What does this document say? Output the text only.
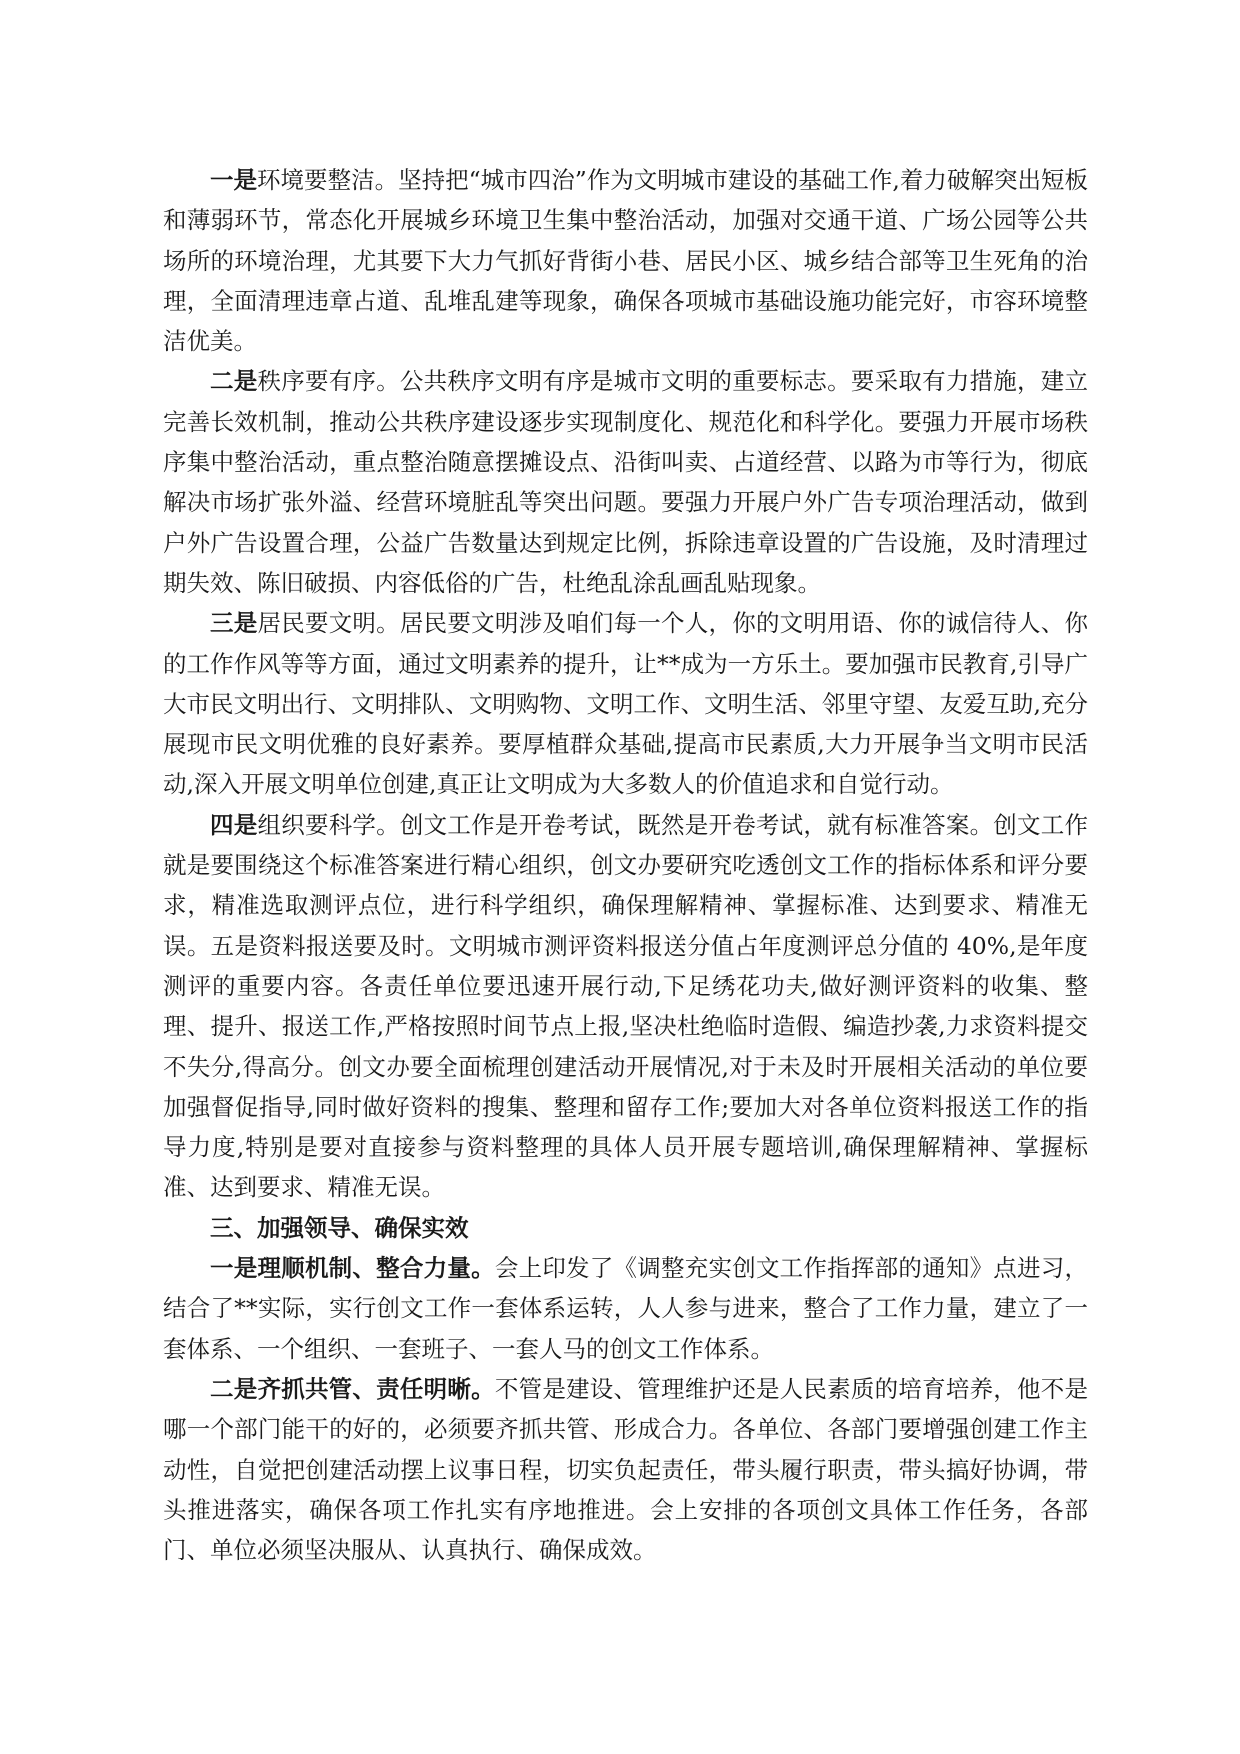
一是环境要整洁。坚持把“城市四治”作为文明城市建设的基础工作,着力破解突出短板和薄弱环节，常态化开展城乡环境卫生集中整治活动，加强对交通干道、广场公园等公共场所的环境治理，尤其要下大力气抓好背街小巷、居民小区、城乡结合部等卫生死角的治理，全面清理违章占道、乱堆乱建等现象，确保各项城市基础设施功能完好，市容环境整洁优美。

二是秩序要有序。公共秩序文明有序是城市文明的重要标志。要采取有力措施，建立完善长效机制，推动公共秩序建设逐步实现制度化、规范化和科学化。要强力开展市场秩序集中整治活动，重点整治随意摆摊设点、沿街叫卖、占道经营、以路为市等行为，彻底解决市场扩张外溢、经营环境脏乱等突出问题。要强力开展户外广告专项治理活动，做到户外广告设置合理，公益广告数量达到规定比例，拆除违章设置的广告设施，及时清理过期失效、陈旧破损、内容低俗的广告，杜绝乱涂乱画乱贴现象。

三是居民要文明。居民要文明涉及咱们每一个人，你的文明用语、你的诚信待人、你的工作作风等等方面，通过文明素养的提升，让**成为一方乐土。要加强市民教育,引导广大市民文明出行、文明排队、文明购物、文明工作、文明生活、邻里守望、友爱互助,充分展现市民文明优雅的良好素养。要厚植群众基础,提高市民素质,大力开展争当文明市民活动,深入开展文明单位创建,真正让文明成为大多数人的价值追求和自觉行动。

四是组织要科学。创文工作是开卷考试，既然是开卷考试，就有标准答案。创文工作就是要围绕这个标准答案进行精心组织，创文办要研究吃透创文工作的指标体系和评分要求，精准选取测评点位，进行科学组织，确保理解精神、掌握标准、达到要求、精准无误。五是资料报送要及时。文明城市测评资料报送分值占年度测评总分值的 40%,是年度测评的重要内容。各责任单位要迅速开展行动,下足绣花功夫,做好测评资料的收集、整理、提升、报送工作,严格按照时间节点上报,坚决杜绝临时造假、编造抄袭,力求资料提交不失分,得高分。创文办要全面梳理创建活动开展情况,对于未及时开展相关活动的单位要加强督促指导,同时做好资料的搜集、整理和留存工作;要加大对各单位资料报送工作的指导力度,特别是要对直接参与资料整理的具体人员开展专题培训,确保理解精神、掌握标准、达到要求、精准无误。

三、加强领导、确保实效

一是理顺机制、整合力量。会上印发了《调整充实创文工作指挥部的通知》点进习，结合了**实际，实行创文工作一套体系运转，人人参与进来，整合了工作力量，建立了一套体系、一个组织、一套班子、一套人马的创文工作体系。

二是齐抓共管、责任明晰。不管是建设、管理维护还是人民素质的培育培养，他不是哪一个部门能干的好的，必须要齐抓共管、形成合力。各单位、各部门要增强创建工作主动性，自觉把创建活动摆上议事日程，切实负起责任，带头履行职责，带头搞好协调，带头推进落实，确保各项工作扎实有序地推进。会上安排的各项创文具体工作任务，各部门、单位必须坚决服从、认真执行、确保成效。
